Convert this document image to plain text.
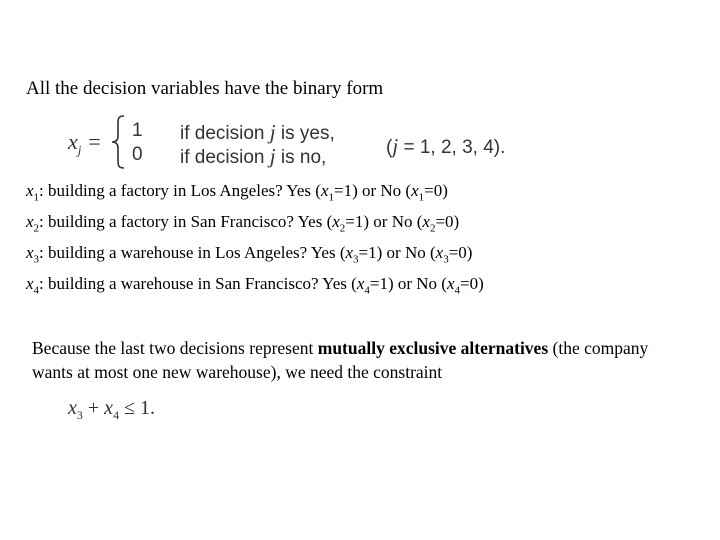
All the decision variables have the binary form
$x_j = 1$
0
if decision j is yes,
if decision j is no,	(j = 1, 2, 3, 4).
$x_1$: building a factory in Los Angeles? Yes $(x_1=1)$ or No $(x_1=0)$
$x_2$: building a factory in San Francisco? Yes $(x_2=1)$ or No $(x_2=0)$
$x_3$: building a warehouse in Los Angeles? Yes $(x_3=1)$ or No $(x_3=0)$
$x_4$: building a warehouse in San Francisco? Yes $(x_4=1)$ or No $(x_4=0)$
Because the last two decisions represent mutually exclusive alternatives (the company wants at most one new warehouse), we need the constraint
$x_3 + x_4 \le 1$.
